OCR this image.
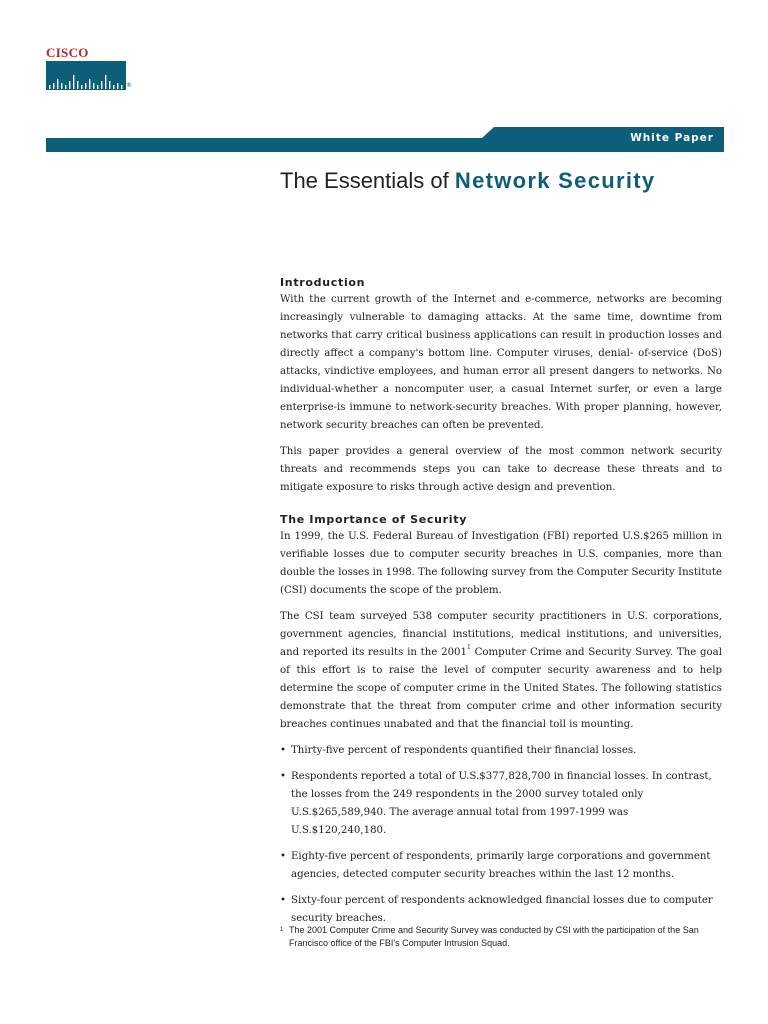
CISCO
®
White Paper
The Essentials of Network Security
Introduction

With the current growth of the Internet and e-commerce, networks are becoming increasingly vulnerable to damaging attacks. At the same time, downtime from networks that carry critical business applications can result in production losses and directly affect a company's bottom line. Computer viruses, denial- of-service (DoS) attacks, vindictive employees, and human error all present dangers to networks. No individual-whether a noncomputer user, a casual Internet surfer, or even a large enterprise-is immune to network-security breaches. With proper planning, however, network security breaches can often be prevented.

This paper provides a general overview of the most common network security threats and recommends steps you can take to decrease these threats and to mitigate exposure to risks through active design and prevention.

The Importance of Security

In 1999, the U.S. Federal Bureau of Investigation (FBI) reported U.S.$265 million in verifiable losses due to computer security breaches in U.S. companies, more than double the losses in 1998. The following survey from the Computer Security Institute (CSI) documents the scope of the problem.

The CSI team surveyed 538 computer security practitioners in U.S. corporations, government agencies, financial institutions, medical institutions, and universities, and reported its results in the 2001$^1$ Computer Crime and Security Survey. The goal of this effort is to raise the level of computer security awareness and to help determine the scope of computer crime in the United States. The following statistics demonstrate that the threat from computer crime and other information security breaches continues unabated and that the financial toll is mounting.

• Thirty-five percent of respondents quantified their financial losses.
• Respondents reported a total of U.S.$377,828,700 in financial losses. In contrast, the losses from the 249 respondents in the 2000 survey totaled only U.S.$265,589,940. The average annual total from 1997-1999 was U.S.$120,240,180.
• Eighty-five percent of respondents, primarily large corporations and government agencies, detected computer security breaches within the last 12 months.
• Sixty-four percent of respondents acknowledged financial losses due to computer security breaches.
1 The 2001 Computer Crime and Security Survey was conducted by CSI with the participation of the San Francisco office of the FBI's Computer Intrusion Squad.
